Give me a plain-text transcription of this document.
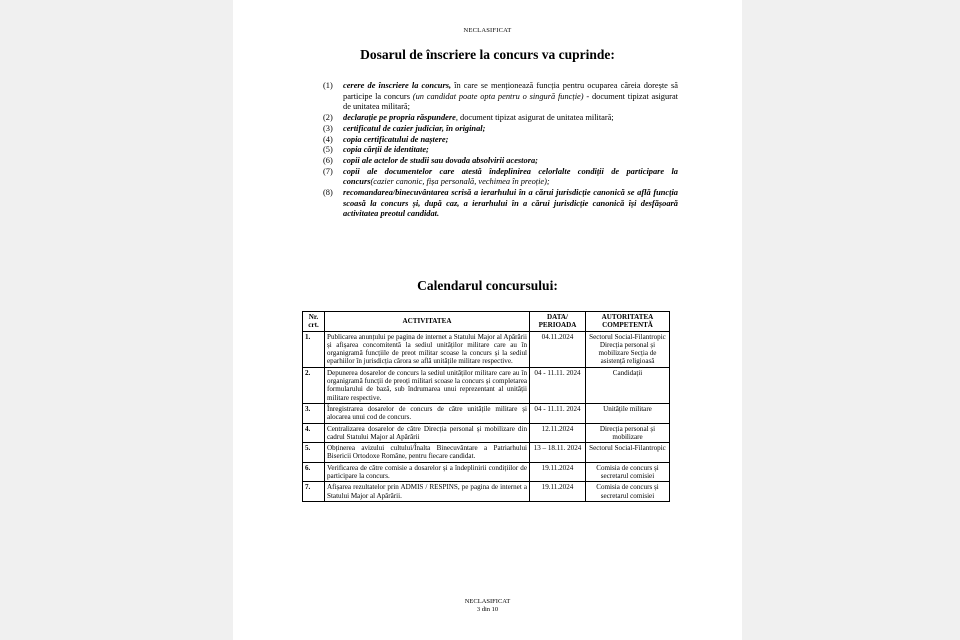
NECLASIFICAT
Dosarul de înscriere la concurs va cuprinde:
(1) cerere de înscriere la concurs, în care se menționează funcția pentru ocuparea căreia dorește să participe la concurs (un candidat poate opta pentru o singură funcție) - document tipizat asigurat de unitatea militară;
(2) declarație pe propria răspundere, document tipizat asigurat de unitatea militară;
(3) certificatul de cazier judiciar, în original;
(4) copia certificatului de naștere;
(5) copia cărții de identitate;
(6) copii ale actelor de studii sau dovada absolvirii acestora;
(7) copii ale documentelor care atestă îndeplinirea celorlalte condiții de participare la concurs(cazier canonic, fișa personală, vechimea în preoție);
(8) recomandarea/binecuvântarea scrisă a ierarhului în a cărui jurisdicție canonică se află funcția scoasă la concurs și, după caz, a ierarhului în a cărui jurisdicție canonică își desfășoară activitatea preotul candidat.
Calendarul concursului:
Nr. crt.	ACTIVITATEA	DATA/ PERIOADA	AUTORITATEA COMPETENTĂ
1.	Publicarea anunțului pe pagina de internet a Statului Major al Apărării și afișarea concomitentă la sediul unităților militare care au în organigramă funcțiile de preot militar scoase la concurs și la sediul eparhiilor în jurisdicția cărora se află unitățile militare respective.	04.11.2024	Sectorul Social-Filantropic Direcția personal și mobilizare Secția de asistență religioasă
2.	Depunerea dosarelor de concurs la sediul unităților militare care au în organigramă funcții de preoți militari scoase la concurs și completarea formularului de bază, sub îndrumarea unui reprezentant al unității militare respective.	04 - 11.11. 2024	Candidații
3.	Înregistrarea dosarelor de concurs de către unitățile militare și alocarea unui cod de concurs.	04 - 11.11. 2024	Unitățile militare
4.	Centralizarea dosarelor de către Direcția personal și mobilizare din cadrul Statului Major al Apărării	12.11.2024	Direcția personal și mobilizare
5.	Obținerea avizului cultului/Înalta Binecuvântare a Patriarhului Bisericii Ortodoxe Române, pentru fiecare candidat.	13 – 18.11. 2024	Sectorul Social-Filantropic
6.	Verificarea de către comisie a dosarelor și a îndeplinirii condițiilor de participare la concurs.	19.11.2024	Comisia de concurs și secretarul comisiei
7.	Afișarea rezultatelor prin ADMIS / RESPINS, pe pagina de internet a Statului Major al Apărării.	19.11.2024	Comisia de concurs și secretarul comisiei
NECLASIFICAT
3 din 10
